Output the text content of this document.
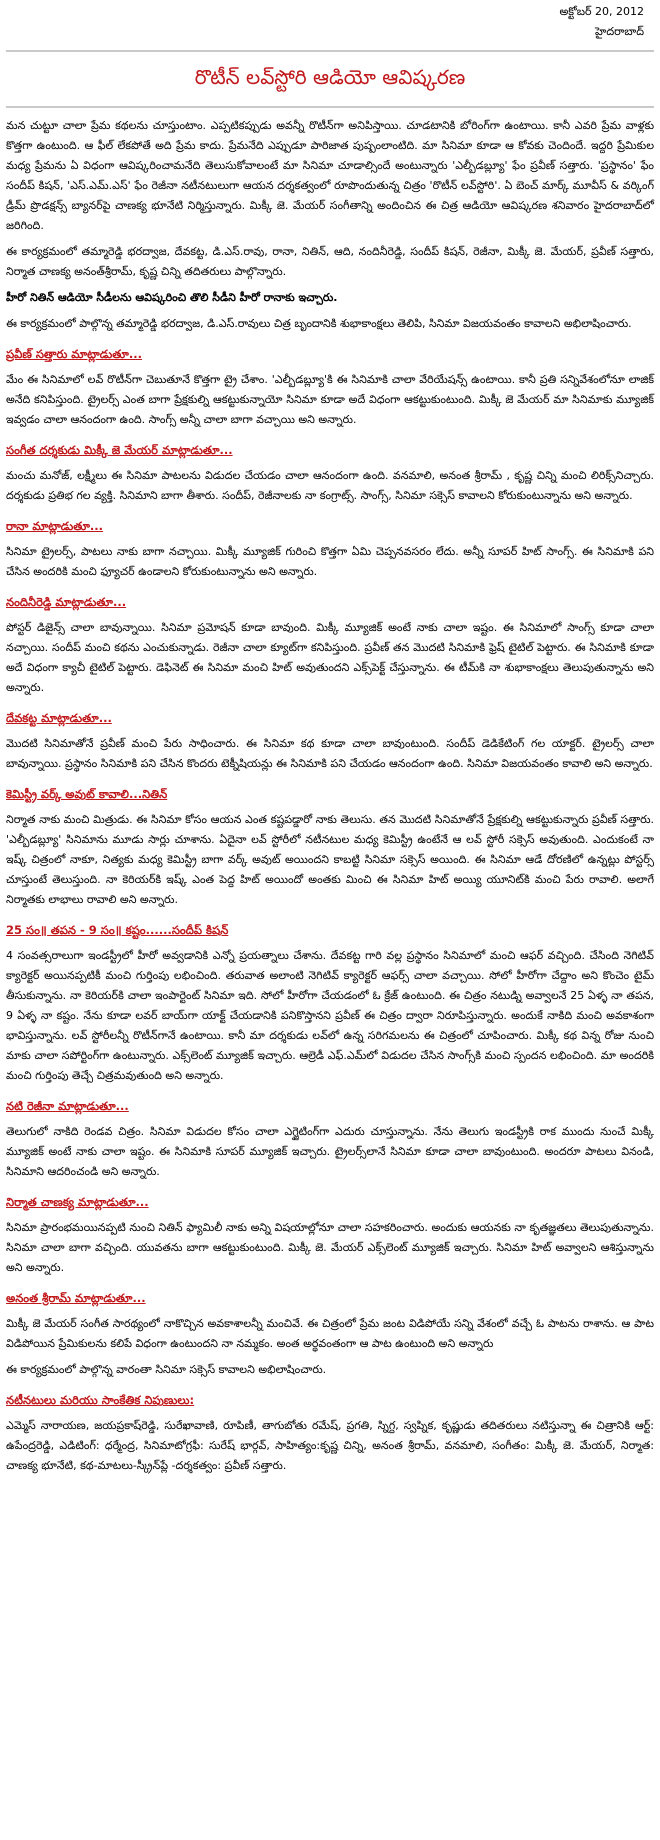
అక్టోబర్ 20, 2012
హైదరాబాద్
రొటీన్ లవ్‌స్టోరి ఆడియో ఆవిష్కరణ

మన చుట్టూ చాలా ప్రేమ కథలను చూస్తుంటాం. ఎప్పటికప్పుడు అవన్నీ రొటీన్‌గా అనిపిస్తాయి. చూడటానికి బోరింగ్‌గా ఉంటాయి. కానీ ఎవరి ప్రేమ వాళ్లకు కొత్తగా ఉంటుంది. ఆ ఫీల్ లేకపోతే అది ప్రేమ కాదు. ప్రేమనేది ఎప్పుడూ పారిజాత పుష్పంలాంటిది. మా సినిమా కూడా ఆ కోవకు చెందిందే. ఇద్దరి ప్రేమికుల మధ్య ప్రేమను ఏ విధంగా ఆవిష్కరించామనేది తెలుసుకోవాలంటే మా సినిమా చూడాల్సిందే అంటున్నారు 'ఎల్బీడబ్ల్యూ' ఫేం ప్రవీణ్ సత్తారు. 'ప్రస్థానం' ఫేం సందీప్ కిషన్, 'ఎస్.ఎమ్.ఎస్' ఫేం రెజీనా నటీనటులుగా ఆయన దర్శకత్వంలో రూపొందుతున్న చిత్రం 'రొటీన్ లవ్‌స్టోరి'. ఏ బెంచ్ మార్క్ మూవీస్ & వర్కింగ్ డ్రీమ్ ప్రొడక్షన్స్ బ్యానర్‌పై చాణక్య భూనేటి నిర్మిస్తున్నారు. మిక్కీ జె. మేయర్ సంగీతాన్ని అందించిన ఈ చిత్ర ఆడియో ఆవిష్కరణ శనివారం హైదరాబాద్‌లో జరిగింది.

ఈ కార్యక్రమంలో తమ్మారెడ్డి భరద్వాజ, దేవకట్ట, డి.ఎస్.రావు, రానా, నితిన్, ఆది, నందినీరెడ్డి, సందీప్ కిషన్, రెజీనా, మిక్కీ జె. మేయర్, ప్రవీణ్ సత్తారు, నిర్మాత చాణక్య అనంత్‌శ్రీరామ్, కృష్ణ చిన్ని తదితరులు పాల్గొన్నారు.

హీరో నితిన్ ఆడియో సీడీలను ఆవిష్కరించి తొలి సీడీని హీరో రానాకు ఇచ్చారు.

ఈ కార్యక్రమంలో పాల్గొన్న తమ్మారెడ్డి భరద్వాజ, డి.ఎస్.రావులు చిత్ర బృందానికి శుభాకాంక్షలు తెలిపి, సినిమా విజయవంతం కావాలని అభిలాషించారు.

ప్రవీణ్ సత్తారు మాట్లాడుతూ...

మేం ఈ సినిమాలో లవ్ రొటీన్‌గా చెబుతూనే కొత్తగా ట్రై చేశాం. 'ఎల్బీడబ్ల్యూ'కి ఈ సినిమాకి చాలా వేరియేషన్స్ ఉంటాయి. కానీ ప్రతి సన్నివేశంలోనూ లాజిక్ అనేది కనిపిస్తుంది. ట్రైలర్స్ ఎంత బాగా ప్రేక్షకుల్ని ఆకట్టుకున్నాయో సినిమా కూడా అదే విధంగా ఆకట్టుకుంటుంది. మిక్కీ జె మేయర్ మా సినిమాకు మ్యూజిక్ ఇవ్వడం చాలా ఆనందంగా ఉంది. సాంగ్స్ అన్నీ చాలా బాగా వచ్చాయి అని అన్నారు.

సంగీత దర్శకుడు మిక్కీ జె మేయర్ మాట్లాడుతూ...

మంచు మనోజ్, లక్ష్మీలు ఈ సినిమా పాటలను విడుదల చేయడం చాలా ఆనందంగా ఉంది. వనమాలి, అనంత శ్రీరామ్ , కృష్ణ చిన్ని మంచి లిరిక్స్‌నిచ్చారు. దర్శకుడు ప్రతిభ గల వ్యక్తి. సినిమాని బాగా తీశారు. సందీప్, రెజీనాలకు నా కంగ్రాట్స్. సాంగ్స్, సినిమా సక్సెస్ కావాలని కోరుకుంటున్నాను అని అన్నారు.

రానా మాట్లాడుతూ...

సినిమా ట్రైలర్స్, పాటలు నాకు బాగా నచ్చాయి. మిక్కీ మ్యూజిక్ గురించి కొత్తగా ఏమి చెప్పనవసరం లేదు. అన్నీ సూపర్ హిట్ సాంగ్స్. ఈ సినిమాకి పని చేసిన అందరికి మంచి ఫ్యూచర్ ఉండాలని కోరుకుంటున్నాను అని అన్నారు.

నందినీరెడ్డి మాట్లాడుతూ...

పోస్టర్ డిజైన్స్ చాలా బావున్నాయి. సినిమా ప్రమోషన్ కూడా బావుంది. మిక్కీ మ్యూజిక్ అంటే నాకు చాలా ఇష్టం. ఈ సినిమాలో సాంగ్స్ కూడా చాలా నచ్చాయి. సందీప్ మంచి కథను ఎంచుకున్నాడు. రెజీనా చాలా క్యూట్‌గా కనిపిస్తుంది. ప్రవీణ్ తన మొదటి సినిమాకి ఫ్రెష్ టైటిల్ పెట్టారు. ఈ సినిమాకి కూడా అదే విధంగా క్యాచీ టైటిల్ పెట్టారు. డెఫినెట్ ఈ సినిమా మంచి హిట్ అవుతుందని ఎక్స్‌పెక్ట్ చేస్తున్నాను. ఈ టీమ్‌కి నా శుభాకాంక్షలు తెలుపుతున్నాను అని అన్నారు.

దేవకట్ట మాట్లాడుతూ...

మొదటి సినిమాతోనే ప్రవీణ్ మంచి పేరు సాధించారు. ఈ సినిమా కథ కూడా చాలా బావుంటుంది. సందీప్ డెడికేటింగ్ గల యాక్టర్. ట్రైలర్స్ చాలా బావున్నాయి. ప్రస్థానం సినిమాకి పని చేసిన కొందరు టెక్నీషియన్లు ఈ సినిమాకి పని చేయడం ఆనందంగా ఉంది. సినిమా విజయవంతం కావాలి అని అన్నారు.

కెమిస్ట్రీ వర్క్ అవుట్ కావాలి...నితిన్

నిర్మాత నాకు మంచి మిత్రుడు. ఈ సినిమా కోసం ఆయన ఎంత కష్టపడ్డారో నాకు తెలుసు. తన మొదటి సినిమాతోనే ప్రేక్షకుల్ని ఆకట్టుకున్నారు ప్రవీణ్ సత్తారు. 'ఎల్బీడబ్ల్యూ' సినిమాను మూడు సార్లు చూశాను. ఏదైనా లవ్ స్టోరీలో నటీనటుల మధ్య కెమిస్ట్రీ ఉంటేనే ఆ లవ్ స్టోరీ సక్సెస్ అవుతుంది. ఎందుకంటే నా ఇష్క్ చిత్రంలో నాకూ, నిత్యకు మధ్య కెమిస్ట్రీ బాగా వర్క్ అవుట్ అయిందని కాబట్టి సినిమా సక్సెస్ అయింది. ఈ సినిమా ఆడే దోరణిలో ఉన్నట్లు పోస్టర్స్ చూస్తుంటే తెలుస్తుంది. నా కెరియర్‌కి ఇష్క్ ఎంత పెద్ద హిట్ అయిందో అంతకు మించి ఈ సినిమా హిట్ అయ్యి యూనిట్‌కి మంచి పేరు రావాలి. అలాగే నిర్మాతకు లాభాలు రావాలి అని అన్నారు.

25 సం॥ తపన - 9 సం॥ కష్టం......సందీప్ కిషన్

4 సంవత్సరాలుగా ఇండస్ట్రీలో హీరో అవ్వడానికి ఎన్నో ప్రయత్నాలు చేశాను. దేవకట్ట గారి వల్ల ప్రస్థానం సినిమాలో మంచి ఆఫర్ వచ్చింది. చేసింది నెగిటివ్ క్యారెక్టర్ అయినప్పటికీ మంచి గుర్తింపు లభించింది. తరువాత అలాంటి నెగిటివ్ క్యారెక్టర్ ఆఫర్స్ చాలా వచ్చాయి. సోలో హీరోగా చేద్దాం అని కొంచెం టైమ్ తీసుకున్నాను. నా కెరియర్‌కి చాలా ఇంపార్టెంట్ సినిమా ఇది. సోలో హీరోగా చేయడంలో ఓ క్రేజ్ ఉంటుంది. ఈ చిత్రం నటుడ్ని అవ్వాలనే 25 ఏళ్ళ నా తపన, 9 ఏళ్ళ నా కష్టం. నేను కూడా లవర్ బాయ్‌గా యాక్ట్ చేయడానికి పనికొస్తానని ప్రవీణ్ ఈ చిత్రం ద్వారా నిరూపిస్తున్నారు. అందుకే నాకిది మంచి అవకాశంగా భావిస్తున్నాను. లవ్ స్టోరీలన్నీ రొటీన్‌గానే ఉంటాయి. కానీ మా దర్శకుడు లవ్‌లో ఉన్న సరిగమలను ఈ చిత్రంలో చూపించారు. మిక్కీ కథ విన్న రోజు నుంచి మాకు చాలా సపోర్టింగ్‌గా ఉంటున్నారు. ఎక్స్‌లెంట్ మ్యూజిక్ ఇచ్చారు. ఆల్రెడీ ఎఫ్.ఎమ్‌లో విడుదల చేసిన సాంగ్స్‌కి మంచి స్పందన లభించింది. మా అందరికి మంచి గుర్తింపు తెచ్చే చిత్రమవుతుంది అని అన్నారు.

నటి రెజీనా మాట్లాడుతూ...

తెలుగులో నాకిది రెండవ చిత్రం. సినిమా విడుదల కోసం చాలా ఎగ్జైటింగ్‌గా ఎదురు చూస్తున్నాను. నేను తెలుగు ఇండస్ట్రీకి రాక ముందు నుంచే మిక్కీ మ్యూజిక్ అంటే నాకు చాలా ఇష్టం. ఈ సినిమాకి సూపర్ మ్యూజిక్ ఇచ్చారు. ట్రైలర్స్‌లానే సినిమా కూడా చాలా బావుంటుంది. అందరూ పాటలు వినండి, సినిమాని ఆదరించండి అని అన్నారు.

నిర్మాత చాణక్య మాట్లాడుతూ...

సినిమా ప్రారంభమయినప్పటి నుంచి నితిన్ ఫ్యామిలీ నాకు అన్ని విషయాల్లోనూ చాలా సహకరించారు. అందుకు ఆయనకు నా కృతజ్ఞతలు తెలుపుతున్నాను. సినిమా చాలా బాగా వచ్చింది. యువతను బాగా ఆకట్టుకుంటుంది. మిక్కీ జె. మేయర్ ఎక్స్‌లెంట్ మ్యూజిక్ ఇచ్చారు. సినిమా హిట్ అవ్వాలని ఆశిస్తున్నాను అని అన్నారు.

అనంత శ్రీరామ్ మాట్లాడుతూ...

మిక్కీ జె మేయర్ సంగీత సారథ్యంలో నాకొచ్చిన అవకాశాలన్నీ మంచివే. ఈ చిత్రంలో ప్రేమ జంట విడిపోయే సన్ని వేశంలో వచ్చే ఓ పాటను రాశాను. ఆ పాట విడిపోయిన ప్రేమికులను కలిపే విధంగా ఉంటుందని నా నమ్మకం. అంత అర్థవంతంగా ఆ పాట ఉంటుంది అని అన్నారు

ఈ కార్యక్రమంలో పాల్గొన్న వారంతా సినిమా సక్సెస్ కావాలని అభిలాషించారు.

నటీనటులు మరియు సాంకేతిక నిపుణులు:

ఎమ్మెస్ నారాయణ, జయప్రకాష్‌రెడ్డి, సురేఖావాణి, రూపిణీ, తాగుబోతు రమేష్, ప్రగతి, స్నిగ్ద, స్వప్నిక, కృష్ణుడు తదితరులు నటిస్తున్నా ఈ చిత్రానికి ఆర్ట్: ఉపేంద్రరెడ్డి, ఎడిటింగ్: ధర్మేంద్ర, సినిమాటోగ్రఫీ: సురేష్ భార్గవ్, సాహిత్యం:కృష్ణ చిన్ని, అనంత శ్రీరామ్, వనమాలి, సంగీతం: మిక్కీ జె. మేయర్, నిర్మాత: చాణక్య భూనేటి, కథ-మాటలు-స్క్రీన్‌ప్లే -దర్శకత్వం: ప్రవీణ్ సత్తారు.
